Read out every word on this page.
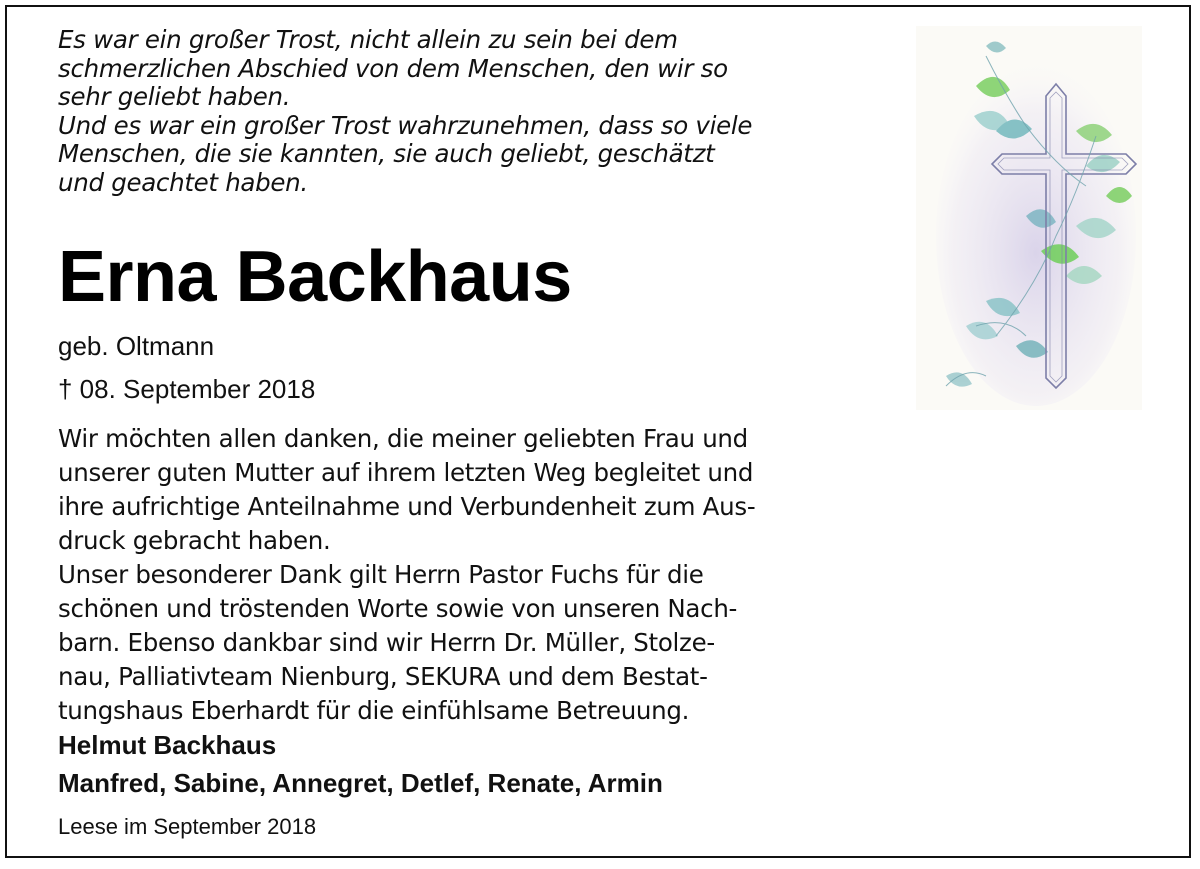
Es war ein großer Trost, nicht allein zu sein bei dem

schmerzlichen Abschied von dem Menschen, den wir so

sehr geliebt haben.

Und es war ein großer Trost wahrzunehmen, dass so viele

Menschen, die sie kannten, sie auch geliebt, geschätzt

und geachtet haben.

Erna Backhaus
geb. Oltmann
† 08. September 2018

Wir möchten allen danken, die meiner geliebten Frau und

unserer guten Mutter auf ihrem letzten Weg begleitet und

ihre aufrichtige Anteilnahme und Verbundenheit zum Aus-

druck gebracht haben.

Unser besonderer Dank gilt Herrn Pastor Fuchs für die

schönen und tröstenden Worte sowie von unseren Nach-

barn. Ebenso dankbar sind wir Herrn Dr. Müller, Stolze-

nau, Palliativteam Nienburg, SEKURA und dem Bestat-

tungshaus Eberhardt für die einfühlsame Betreuung.

Helmut Backhaus
Manfred, Sabine, Annegret, Detlef, Renate, Armin
Leese im September 2018
